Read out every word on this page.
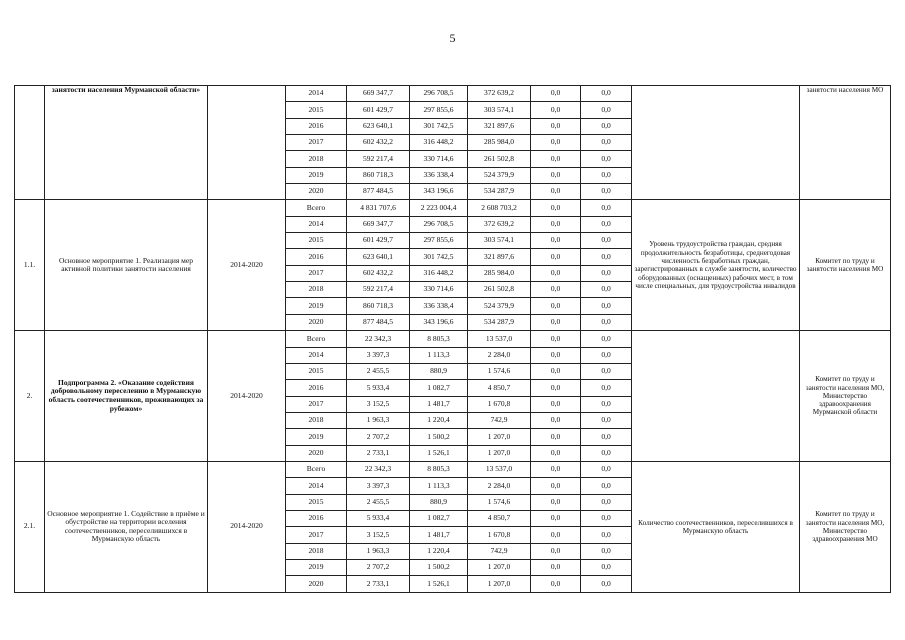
5
	занятости населения Мурманской области»		2014	669 347,7	296 708,5	372 639,2	0,0	0,0		занятости населения МО
			2015	601 429,7	297 855,6	303 574,1	0,0	0,0		
			2016	623 640,1	301 742,5	321 897,6	0,0	0,0		
			2017	602 432,2	316 448,2	285 984,0	0,0	0,0		
			2018	592 217,4	330 714,6	261 502,8	0,0	0,0		
			2019	860 718,3	336 338,4	524 379,9	0,0	0,0		
			2020	877 484,5	343 196,6	534 287,9	0,0	0,0		
1.1.	Основное мероприятие 1. Реализация мер активной политики занятости населения	2014-2020	Всего	4 831 707,6	2 223 004,4	2 608 703,2	0,0	0,0	Уровень трудоустройства граждан, средняя продолжительность безработицы, среднегодовая численность безработных граждан, зарегистрированных в службе занятости, количество оборудованных (оснащенных) рабочих мест, в том числе специальных, для трудоустройства инвалидов	Комитет по труду и занятости населения МО
			2014	669 347,7	296 708,5	372 639,2	0,0	0,0		
			2015	601 429,7	297 855,6	303 574,1	0,0	0,0		
			2016	623 640,1	301 742,5	321 897,6	0,0	0,0		
			2017	602 432,2	316 448,2	285 984,0	0,0	0,0		
			2018	592 217,4	330 714,6	261 502,8	0,0	0,0		
			2019	860 718,3	336 338,4	524 379,9	0,0	0,0		
			2020	877 484,5	343 196,6	534 287,9	0,0	0,0		
2.	Подпрограмма 2. «Оказание содействия добровольному переселению в Мурманскую область соотечественников, проживающих за рубежом»	2014-2020	Всего	22 342,3	8 805,3	13 537,0	0,0	0,0		Комитет по труду и занятости населения МО, Министерство здравоохранения Мурманской области
			2014	3 397,3	1 113,3	2 284,0	0,0	0,0		
			2015	2 455,5	880,9	1 574,6	0,0	0,0		
			2016	5 933,4	1 082,7	4 850,7	0,0	0,0		
			2017	3 152,5	1 481,7	1 670,8	0,0	0,0		
			2018	1 963,3	1 220,4	742,9	0,0	0,0		
			2019	2 707,2	1 500,2	1 207,0	0,0	0,0		
			2020	2 733,1	1 526,1	1 207,0	0,0	0,0		
2.1.	Основное мероприятие 1. Содействие в приёме и обустройстве на территории вселения соотечественников, переселившихся в Мурманскую область	2014-2020	Всего	22 342,3	8 805,3	13 537,0	0,0	0,0	Количество соотечественников, переселившихся в Мурманскую область	Комитет по труду и занятости населения МО, Министерство здравоохранения МО
			2014	3 397,3	1 113,3	2 284,0	0,0	0,0		
			2015	2 455,5	880,9	1 574,6	0,0	0,0		
			2016	5 933,4	1 082,7	4 850,7	0,0	0,0		
			2017	3 152,5	1 481,7	1 670,8	0,0	0,0		
			2018	1 963,3	1 220,4	742,9	0,0	0,0		
			2019	2 707,2	1 500,2	1 207,0	0,0	0,0		
			2020	2 733,1	1 526,1	1 207,0	0,0	0,0		
